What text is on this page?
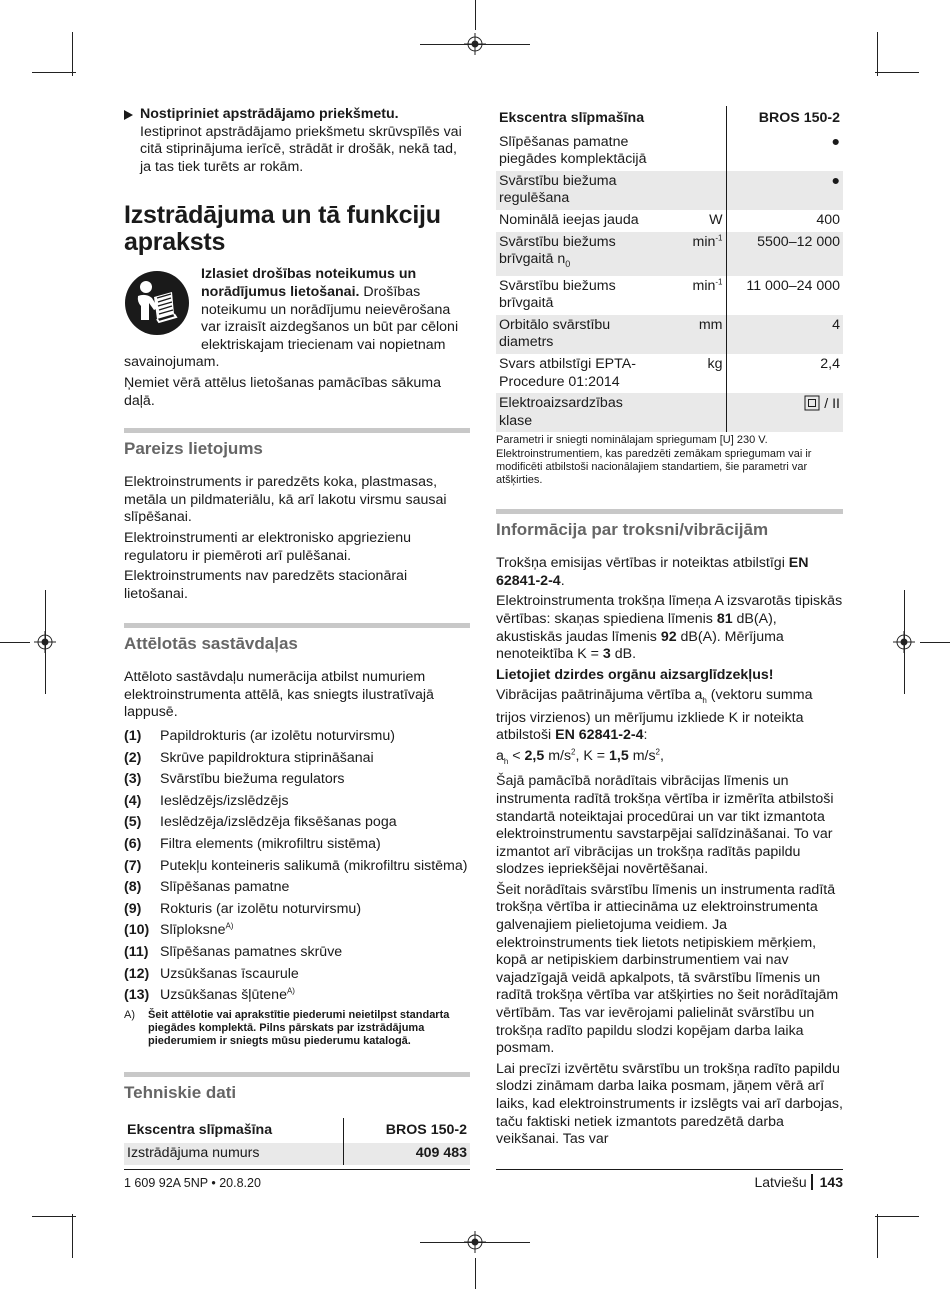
Nostipriniet apstrādājamo priekšmetu.
Iestiprinot apstrādājamo priekšmetu skrūvspīlēs vai citā stiprinājuma ierīcē, strādāt ir drošāk, nekā tad, ja tas tiek turēts ar rokām.
Izstrādājuma un tā funkciju apraksts

Izlasiet drošības noteikumus un norādījumus lietošanai. Drošības noteikumu un norādījumu neievērošana var izraisīt aizdegšanos un būt par cēloni elektriskajam triecienam vai nopietnam savainojumam.

Ņemiet vērā attēlus lietošanas pamācības sākuma daļā.

Pareizs lietojums

Elektroinstruments ir paredzēts koka, plastmasas, metāla un pildmateriālu, kā arī lakotu virsmu sausai slīpēšanai.

Elektroinstrumenti ar elektronisko apgriezienu regulatoru ir piemēroti arī pulēšanai.

Elektroinstruments nav paredzēts stacionārai lietošanai.

Attēlotās sastāvdaļas

Attēloto sastāvdaļu numerācija atbilst numuriem elektroinstrumenta attēlā, kas sniegts ilustratīvajā lappusē.

(1)	Papildrokturis (ar izolētu noturvirsmu)
(2)	Skrūve papildroktura stiprināšanai
(3)	Svārstību biežuma regulators
(4)	Ieslēdzējs/izslēdzējs
(5)	Ieslēdzēja/izslēdzēja fiksēšanas poga
(6)	Filtra elements (mikrofiltru sistēma)
(7)	Putekļu konteineris salikumā (mikrofiltru sistēma)
(8)	Slīpēšanas pamatne
(9)	Rokturis (ar izolētu noturvirsmu)
(10) Slīploksne$^{A)}$
(11) Slīpēšanas pamatnes skrūve
(12) Uzsūkšanas īscaurule
(13) Uzsūkšanas šļūtene$^{A)}$
A)	Šeit attēlotie vai aprakstītie piederumi neietilpst standarta piegādes komplektā. Pilns pārskats par izstrādājuma piederumiem ir sniegts mūsu piederumu katalogā.
Tehniskie dati
Ekscentra slīpmašīna	BROS 150-2
Izstrādājuma numurs	409 483
Ekscentra slīpmašīna		BROS 150-2
Slīpēšanas pamatne piegādes komplektācijā		●
Svārstību biežuma regulēšana		●
Nominālā ieejas jauda	W	400
Svārstību biežums brīvgaitā $n_0$	$\min^{-1}$	5500–12 000
Svārstību biežums brīvgaitā	$\min^{-1}$	11 000–24 000
Orbitālo svārstību diametrs	mm	4
Svars atbilstīgi EPTA-Procedure 01:2014	kg	2,4
Elektroaizsardzības klase		/ II

Parametri ir sniegti nominālajam spriegumam [U] 230 V. Elektroinstrumentiem, kas paredzēti zemākam spriegumam vai ir modificēti atbilstoši nacionālajiem standartiem, šie parametri var atšķirties.

Informācija par troksni/vibrācijām

Trokšņa emisijas vērtības ir noteiktas atbilstīgi EN 62841-2-4.

Elektroinstrumenta trokšņa līmeņa A izsvarotās tipiskās vērtības: skaņas spiediena līmenis 81 dB(A), akustiskās jaudas līmenis 92 dB(A). Mērījuma nenoteiktība K = 3 dB.

Lietojiet dzirdes orgānu aizsarglīdzekļus!

Vibrācijas paātrinājuma vērtība $a_h$ (vektoru summa trijos virzienos) un mērījumu izkliede K ir noteikta atbilstoši EN 62841-2-4:

$a_h < 2,5$ $m/s^2$, K = 1,5 $m/s^2$,

Šajā pamācībā norādītais vibrācijas līmenis un instrumenta radītā trokšņa vērtība ir izmērīta atbilstoši standartā noteiktajai procedūrai un var tikt izmantota elektroinstrumentu savstarpējai salīdzināšanai. To var izmantot arī vibrācijas un trokšņa radītās papildu slodzes iepriekšējai novērtēšanai.

Šeit norādītais svārstību līmenis un instrumenta radītā trokšņa vērtība ir attiecināma uz elektroinstrumenta galvenajiem pielietojuma veidiem. Ja elektroinstruments tiek lietots netipiskiem mērķiem, kopā ar netipiskiem darbinstrumentiem vai nav vajadzīgajā veidā apkalpots, tā svārstību līmenis un radītā trokšņa vērtība var atšķirties no šeit norādītajām vērtībām. Tas var ievērojami palielināt svārstību un trokšņa radīto papildu slodzi kopējam darba laika posmam.

Lai precīzi izvērtētu svārstību un trokšņa radīto papildu slodzi zināmam darba laika posmam, jāņem vērā arī laiks, kad elektroinstruments ir izslēgts vai arī darbojas, taču faktiski netiek izmantots paredzētā darba veikšanai. Tas var

1 609 92A 5NP • 20.8.20	Latviešu 143
